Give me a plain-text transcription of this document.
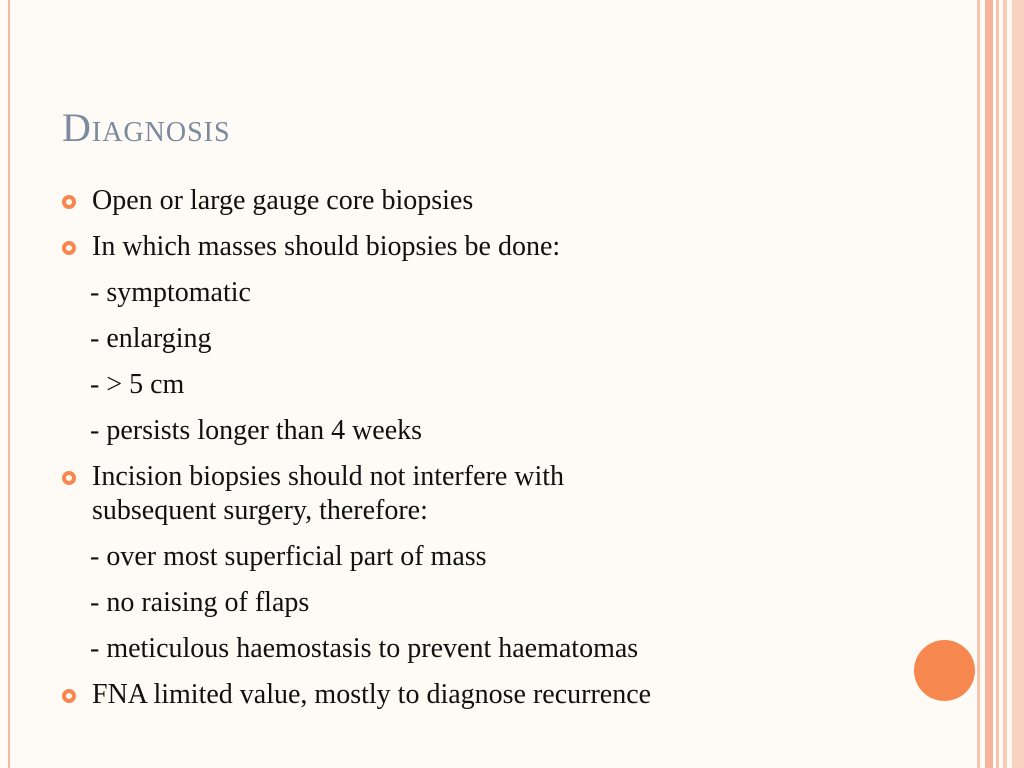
Diagnosis
Open or large gauge core biopsies
In which masses should biopsies be done:
- symptomatic
- enlarging
- > 5 cm
- persists longer than 4 weeks
Incision biopsies should not interfere with
subsequent surgery, therefore:
- over most superficial part of mass
- no raising of flaps
- meticulous haemostasis to prevent haematomas
FNA limited value, mostly to diagnose recurrence
